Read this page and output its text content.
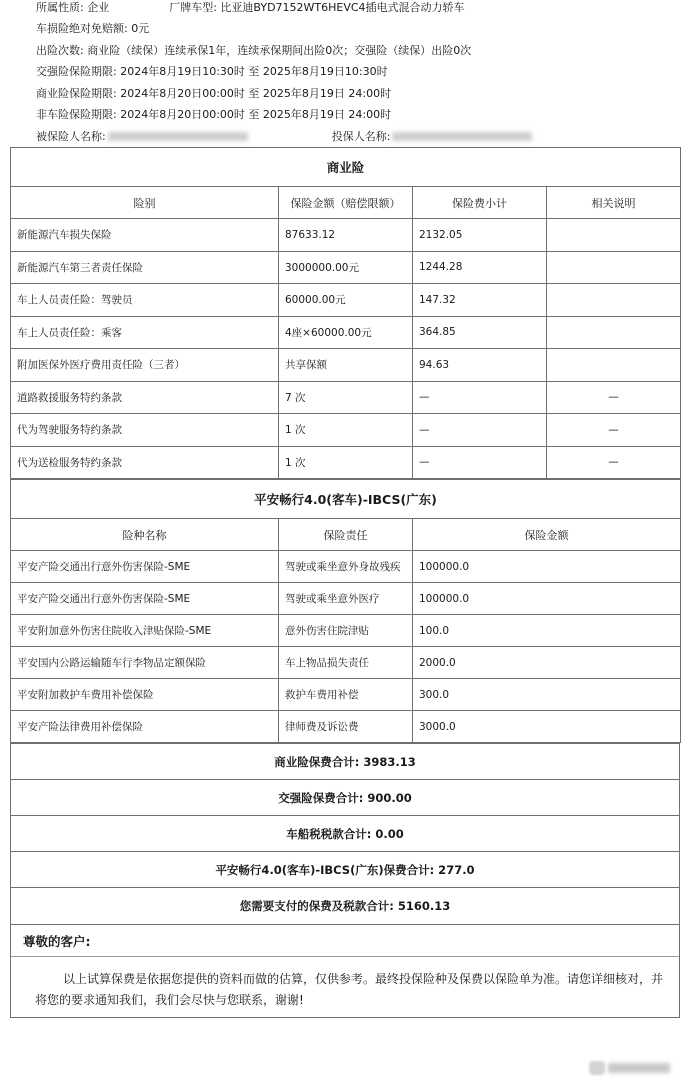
所属性质: 企业	厂牌车型: 比亚迪BYD7152WT6HEVC4插电式混合动力轿车
车损险绝对免赔额: 0元
出险次数: 商业险（续保）连续承保1年，连续承保期间出险0次；交强险（续保）出险0次
交强险保险期限: 2024年8月19日10:30时 至 2025年8月19日10:30时
商业险保险期限: 2024年8月20日00:00时 至 2025年8月19日 24:00时
非车险保险期限: 2024年8月20日00:00时 至 2025年8月19日 24:00时
被保险人名称:	投保人名称:
商业险			
险别	保险金额（赔偿限额）	保险费小计	相关说明
新能源汽车损失保险	87633.12	2132.05	
新能源汽车第三者责任保险	3000000.00元	1244.28	
车上人员责任险：驾驶员	60000.00元	147.32	
车上人员责任险：乘客	4座×60000.00元	364.85	
附加医保外医疗费用责任险（三者）	共享保额	94.63	
道路救援服务特约条款	7 次	—	—
代为驾驶服务特约条款	1 次	—	—
代为送检服务特约条款	1 次	—	—
平安畅行4.0(客车)-IBCS(广东)		
险种名称	保险责任	保险金额
平安产险交通出行意外伤害保险-SME	驾驶或乘坐意外身故残疾	100000.0
平安产险交通出行意外伤害保险-SME	驾驶或乘坐意外医疗	100000.0
平安附加意外伤害住院收入津贴保险-SME	意外伤害住院津贴	100.0
平安国内公路运输随车行李物品定额保险	车上物品损失责任	2000.0
平安附加救护车费用补偿保险	救护车费用补偿	300.0
平安产险法律费用补偿保险	律师费及诉讼费	3000.0
商业险保费合计: 3983.13
交强险保费合计: 900.00
车船税税款合计: 0.00
平安畅行4.0(客车)-IBCS(广东)保费合计: 277.0
您需要支付的保费及税款合计: 5160.13

尊敬的客户:
以上试算保费是依据您提供的资料而做的估算，仅供参考。最终投保险种及保费以保险单为准。请您详细核对，并将您的要求通知我们，我们会尽快与您联系，谢谢!
